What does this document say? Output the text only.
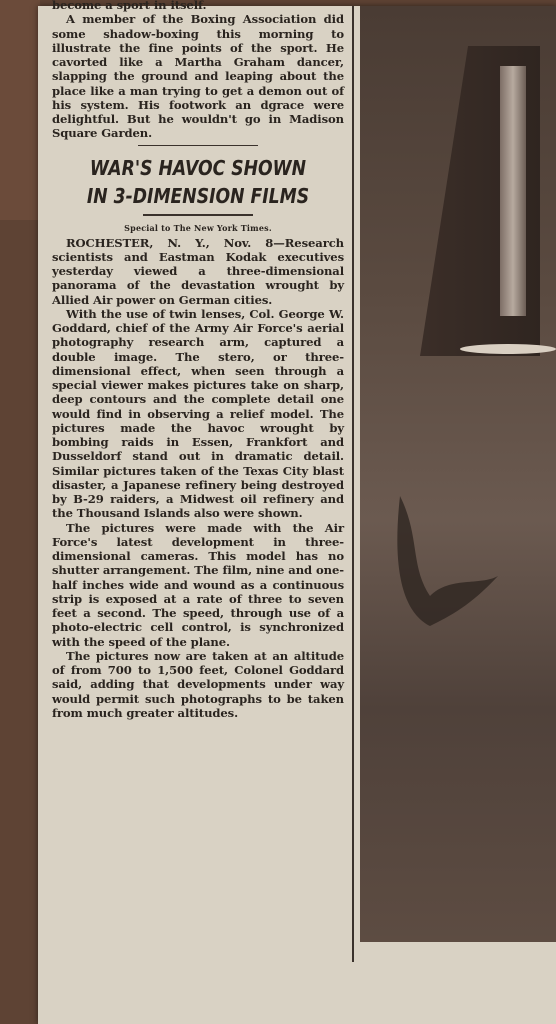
become a sport in itself.

A member of the Boxing Association did some shadow-boxing this morning to illustrate the fine points of the sport. He cavorted like a Martha Graham dancer, slapping the ground and leaping about the place like a man trying to get a demon out of his system. His footwork an dgrace were delightful. But he wouldn't go in Madison Square Garden.

WAR'S HAVOC SHOWN

IN 3-DIMENSION FILMS

Special to The New York Times.

ROCHESTER, N. Y., Nov. 8—Research scientists and Eastman Kodak executives yesterday viewed a three-dimensional panorama of the devastation wrought by Allied Air power on German cities.

With the use of twin lenses, Col. George W. Goddard, chief of the Army Air Force's aerial photography research arm, captured a double image. The stero, or three-dimensional effect, when seen through a special viewer makes pictures take on sharp, deep contours and the complete detail one would find in observing a relief model. The pictures made the havoc wrought by bombing raids in Essen, Frankfort and Dusseldorf stand out in dramatic detail. Similar pictures taken of the Texas City blast disaster, a Japanese refinery being destroyed by B-29 raiders, a Midwest oil refinery and the Thousand Islands also were shown.

The pictures were made with the Air Force's latest development in three-dimensional cameras. This model has no shutter arrangement. The film, nine and one-half inches wide and wound as a continuous strip is exposed at a rate of three to seven feet a second. The speed, through use of a photo-electric cell control, is synchronized with the speed of the plane.

The pictures now are taken at an altitude of from 700 to 1,500 feet, Colonel Goddard said, adding that developments under way would permit such photographs to be taken from much greater altitudes.
